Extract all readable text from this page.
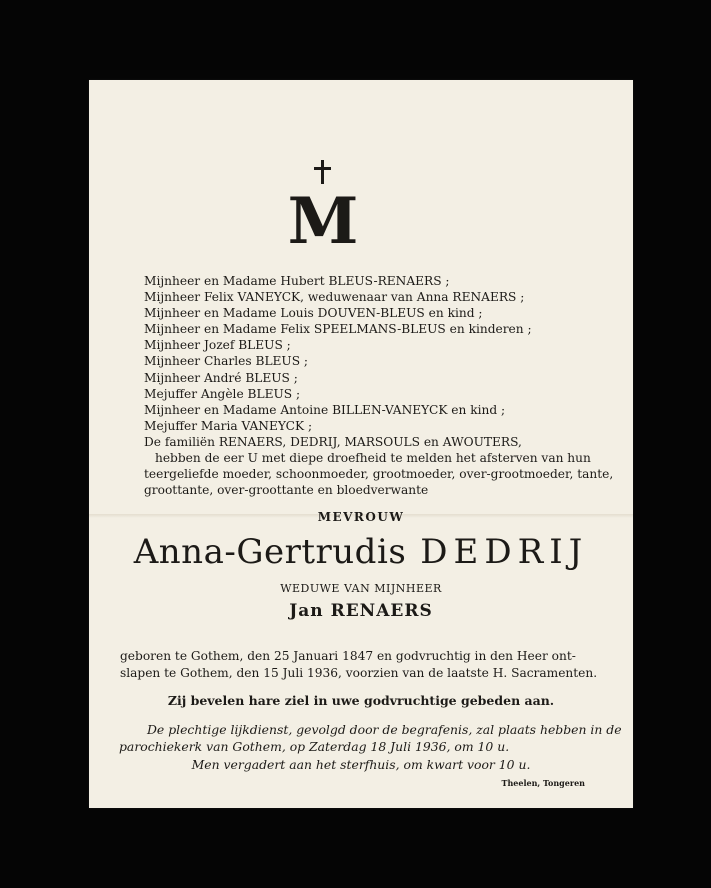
M
Mijnheer en Madame Hubert BLEUS-RENAERS ;
Mijnheer Felix VANEYCK, weduwenaar van Anna RENAERS ;
Mijnheer en Madame Louis DOUVEN-BLEUS en kind ;
Mijnheer en Madame Felix SPEELMANS-BLEUS en kinderen ;
Mijnheer Jozef BLEUS ;
Mijnheer Charles BLEUS ;
Mijnheer André BLEUS ;
Mejuffer Angèle BLEUS ;
Mijnheer en Madame Antoine BILLEN-VANEYCK en kind ;
Mejuffer Maria VANEYCK ;
De familiën RENAERS, DEDRIJ, MARSOULS en AWOUTERS,
hebben de eer U met diepe droefheid te melden het afsterven van hun
teergeliefde moeder, schoonmoeder, grootmoeder, over-grootmoeder, tante,
groottante, over-groottante en bloedverwante
MEVROUW
Anna-Gertrudis DEDRIJ
WEDUWE VAN MIJNHEER
Jan RENAERS
geboren te Gothem, den 25 Januari 1847 en godvruchtig in den Heer ont-
slapen te Gothem, den 15 Juli 1936, voorzien van de laatste H. Sacramenten.
Zij bevelen hare ziel in uwe godvruchtige gebeden aan.
De plechtige lijkdienst, gevolgd door de begrafenis, zal plaats hebben in de
parochiekerk van Gothem, op Zaterdag 18 Juli 1936, om 10 u.
Men vergadert aan het sterfhuis, om kwart voor 10 u.
Theelen, Tongeren
